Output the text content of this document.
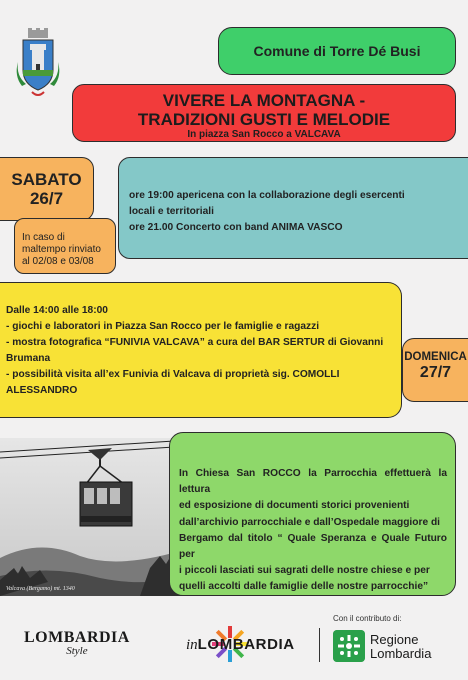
Comune di Torre Dé Busi
VIVERE LA MONTAGNA -
TRADIZIONI GUSTI E MELODIE
In piazza San Rocco a VALCAVA
SABATO
26/7
In caso di
maltempo rinviato
al 02/08 e 03/08
ore 19:00 apericena con la collaborazione degli esercenti
locali e territoriali
ore 21.00 Concerto con band ANIMA VASCO
Dalle 14:00 alle 18:00
- giochi e laboratori in Piazza San Rocco per le famiglie e ragazzi
- mostra fotografica “FUNIVIA VALCAVA” a cura del BAR SERTUR di Giovanni
Brumana
- possibilità visita all’ex Funivia di Valcava di proprietà sig. COMOLLI
ALESSANDRO
DOMENICA
27/7
Valcava (Bergamo) mt. 1340
In Chiesa San ROCCO la Parrocchia effettuerà la lettura
ed esposizione di documenti storici provenienti
dall’archivio parrocchiale e dall’Ospedale maggiore di
Bergamo dal titolo “ Quale Speranza e Quale Futuro per
i piccoli lasciati sui sagrati delle nostre chiese e per
quelli accolti dalle famiglie delle nostre parrocchie”
Con il contributo di:
LOMBARDIA
Style	inLOMBARDIA	Regione
Lombardia
